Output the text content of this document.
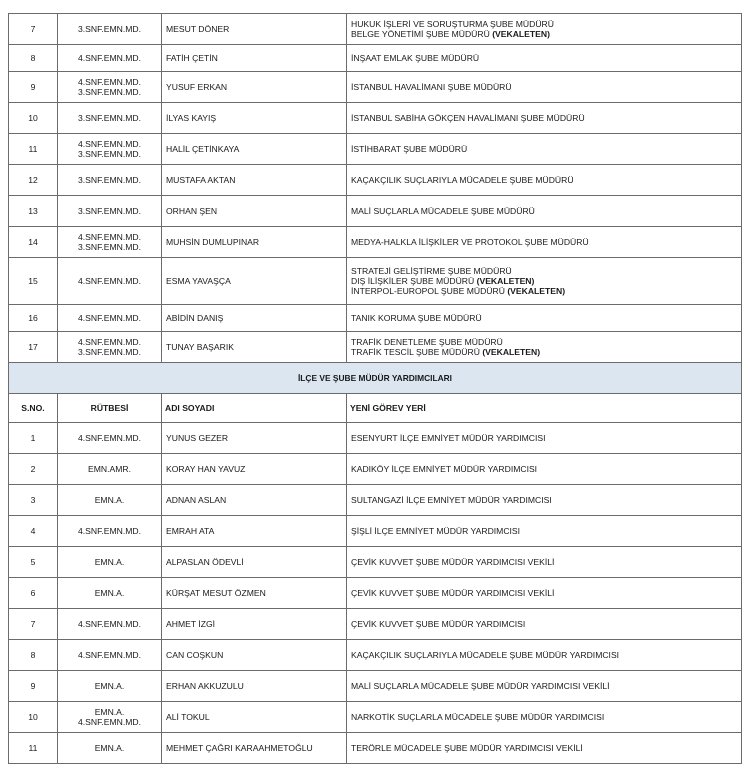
7	3.SNF.EMN.MD.	MESUT DÖNER	HUKUK İŞLERİ VE SORUŞTURMA ŞUBE MÜDÜRÜ
BELGE YÖNETİMİ ŞUBE MÜDÜRÜ (VEKALETEN)

8	4.SNF.EMN.MD.	FATİH ÇETİN	İNŞAAT EMLAK ŞUBE MÜDÜRÜ

9	4.SNF.EMN.MD.
3.SNF.EMN.MD.	YUSUF ERKAN	İSTANBUL HAVALİMANI ŞUBE MÜDÜRÜ

10	3.SNF.EMN.MD.	İLYAS KAYIŞ	İSTANBUL SABİHA GÖKÇEN HAVALİMANI ŞUBE MÜDÜRÜ

11	4.SNF.EMN.MD.
3.SNF.EMN.MD.	HALİL ÇETİNKAYA	İSTİHBARAT ŞUBE MÜDÜRÜ

12	3.SNF.EMN.MD.	MUSTAFA AKTAN	KAÇAKÇILIK SUÇLARIYLA MÜCADELE ŞUBE MÜDÜRÜ

13	3.SNF.EMN.MD.	ORHAN ŞEN	MALİ SUÇLARLA MÜCADELE ŞUBE MÜDÜRÜ

14	4.SNF.EMN.MD.
3.SNF.EMN.MD.	MUHSİN DUMLUPINAR	MEDYA-HALKLA İLİŞKİLER VE PROTOKOL ŞUBE MÜDÜRÜ

15	4.SNF.EMN.MD.	ESMA YAVAŞÇA	STRATEJİ GELİŞTİRME ŞUBE MÜDÜRÜ
DIŞ İLİŞKİLER ŞUBE MÜDÜRÜ (VEKALETEN)
İNTERPOL-EUROPOL ŞUBE MÜDÜRÜ (VEKALETEN)

16	4.SNF.EMN.MD.	ABİDİN DANIŞ	TANIK KORUMA ŞUBE MÜDÜRÜ

17	4.SNF.EMN.MD.
3.SNF.EMN.MD.	TUNAY BAŞARIK	TRAFİK DENETLEME ŞUBE MÜDÜRÜ
TRAFİK TESCİL ŞUBE MÜDÜRÜ (VEKALETEN)

İLÇE VE ŞUBE MÜDÜR YARDIMCILARI			
S.NO.	RÜTBESİ	ADI SOYADI	YENİ GÖREV YERİ
1	4.SNF.EMN.MD.	YUNUS GEZER	ESENYURT İLÇE EMNİYET MÜDÜR YARDIMCISI

2	EMN.AMR.	KORAY HAN YAVUZ	KADIKÖY İLÇE EMNİYET MÜDÜR YARDIMCISI

3	EMN.A.	ADNAN ASLAN	SULTANGAZİ İLÇE EMNİYET MÜDÜR YARDIMCISI

4	4.SNF.EMN.MD.	EMRAH ATA	ŞİŞLİ İLÇE EMNİYET MÜDÜR YARDIMCISI

5	EMN.A.	ALPASLAN ÖDEVLİ	ÇEVİK KUVVET ŞUBE MÜDÜR YARDIMCISI VEKİLİ

6	EMN.A.	KÜRŞAT MESUT ÖZMEN	ÇEVİK KUVVET ŞUBE MÜDÜR YARDIMCISI VEKİLİ

7	4.SNF.EMN.MD.	AHMET İZGİ	ÇEVİK KUVVET ŞUBE MÜDÜR YARDIMCISI

8	4.SNF.EMN.MD.	CAN COŞKUN	KAÇAKÇILIK SUÇLARIYLA MÜCADELE ŞUBE MÜDÜR YARDIMCISI

9	EMN.A.	ERHAN AKKUZULU	MALİ SUÇLARLA MÜCADELE ŞUBE MÜDÜR YARDIMCISI VEKİLİ

10	EMN.A.
4.SNF.EMN.MD.	ALİ TOKUL	NARKOTİK SUÇLARLA MÜCADELE ŞUBE MÜDÜR YARDIMCISI

11	EMN.A.	MEHMET ÇAĞRI KARAAHMETOĞLU	TERÖRLE MÜCADELE ŞUBE MÜDÜR YARDIMCISI VEKİLİ
